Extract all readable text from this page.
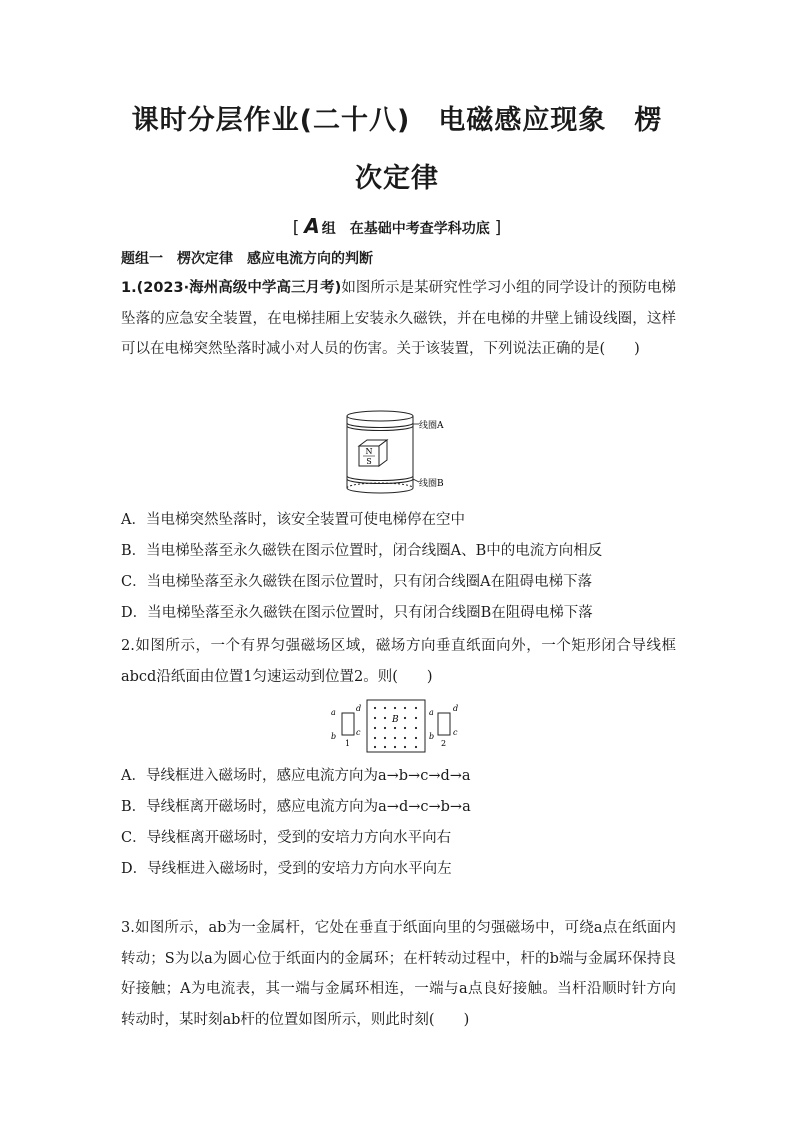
课时分层作业(二十八)　电磁感应现象　楞
次定律
[ A 组　在基础中考查学科功底 ]
题组一　楞次定律　感应电流方向的判断
1.(2023·海州高级中学高三月考)如图所示是某研究性学习小组的同学设计的预防电梯坠落的应急安全装置，在电梯挂厢上安装永久磁铁，并在电梯的井壁上铺设线圈，这样可以在电梯突然坠落时减小对人员的伤害。关于该装置，下列说法正确的是(　　)
N
S
线圈A
线圈B
A．当电梯突然坠落时，该安全装置可使电梯停在空中
B．当电梯坠落至永久磁铁在图示位置时，闭合线圈A、B中的电流方向相反
C．当电梯坠落至永久磁铁在图示位置时，只有闭合线圈A在阻碍电梯下落
D．当电梯坠落至永久磁铁在图示位置时，只有闭合线圈B在阻碍电梯下落
2.如图所示，一个有界匀强磁场区域，磁场方向垂直纸面向外，一个矩形闭合导线框abcd沿纸面由位置1匀速运动到位置2。则(　　)
a
b
d
c
1
B
a
b
d
c
2
A．导线框进入磁场时，感应电流方向为a→b→c→d→a
B．导线框离开磁场时，感应电流方向为a→d→c→b→a
C．导线框离开磁场时，受到的安培力方向水平向右
D．导线框进入磁场时，受到的安培力方向水平向左
3.如图所示，ab为一金属杆，它处在垂直于纸面向里的匀强磁场中，可绕a点在纸面内转动；S为以a为圆心位于纸面内的金属环；在杆转动过程中，杆的b端与金属环保持良好接触；A为电流表，其一端与金属环相连，一端与a点良好接触。当杆沿顺时针方向转动时，某时刻ab杆的位置如图所示，则此时刻(　　)
